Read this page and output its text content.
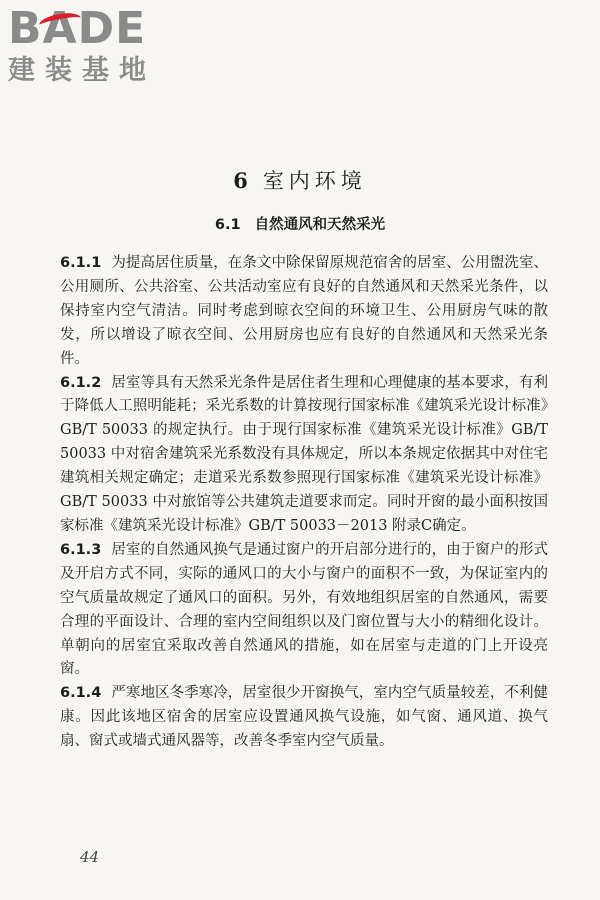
B
ADE
建装基地
6 室内环境
6.1 自然通风和天然采光

6.1.1 为提高居住质量，在条文中除保留原规范宿舍的居室、公用盥洗室、公用厕所、公共浴室、公共活动室应有良好的自然通风和天然采光条件，以保持室内空气清洁。同时考虑到晾衣空间的环境卫生、公用厨房气味的散发，所以增设了晾衣空间、公用厨房也应有良好的自然通风和天然采光条件。

6.1.2 居室等具有天然采光条件是居住者生理和心理健康的基本要求，有利于降低人工照明能耗；采光系数的计算按现行国家标准《建筑采光设计标准》GB/T 50033 的规定执行。由于现行国家标准《建筑采光设计标准》GB/T 50033 中对宿舍建筑采光系数没有具体规定，所以本条规定依据其中对住宅建筑相关规定确定；走道采光系数参照现行国家标准《建筑采光设计标准》GB/T 50033 中对旅馆等公共建筑走道要求而定。同时开窗的最小面积按国家标准《建筑采光设计标准》GB/T 50033－2013 附录C确定。

6.1.3 居室的自然通风换气是通过窗户的开启部分进行的，由于窗户的形式及开启方式不同，实际的通风口的大小与窗户的面积不一致，为保证室内的空气质量故规定了通风口的面积。另外，有效地组织居室的自然通风，需要合理的平面设计、合理的室内空间组织以及门窗位置与大小的精细化设计。单朝向的居室宜采取改善自然通风的措施，如在居室与走道的门上开设亮窗。

6.1.4 严寒地区冬季寒冷，居室很少开窗换气，室内空气质量较差，不利健康。因此该地区宿舍的居室应设置通风换气设施，如气窗、通风道、换气扇、窗式或墙式通风器等，改善冬季室内空气质量。

44
